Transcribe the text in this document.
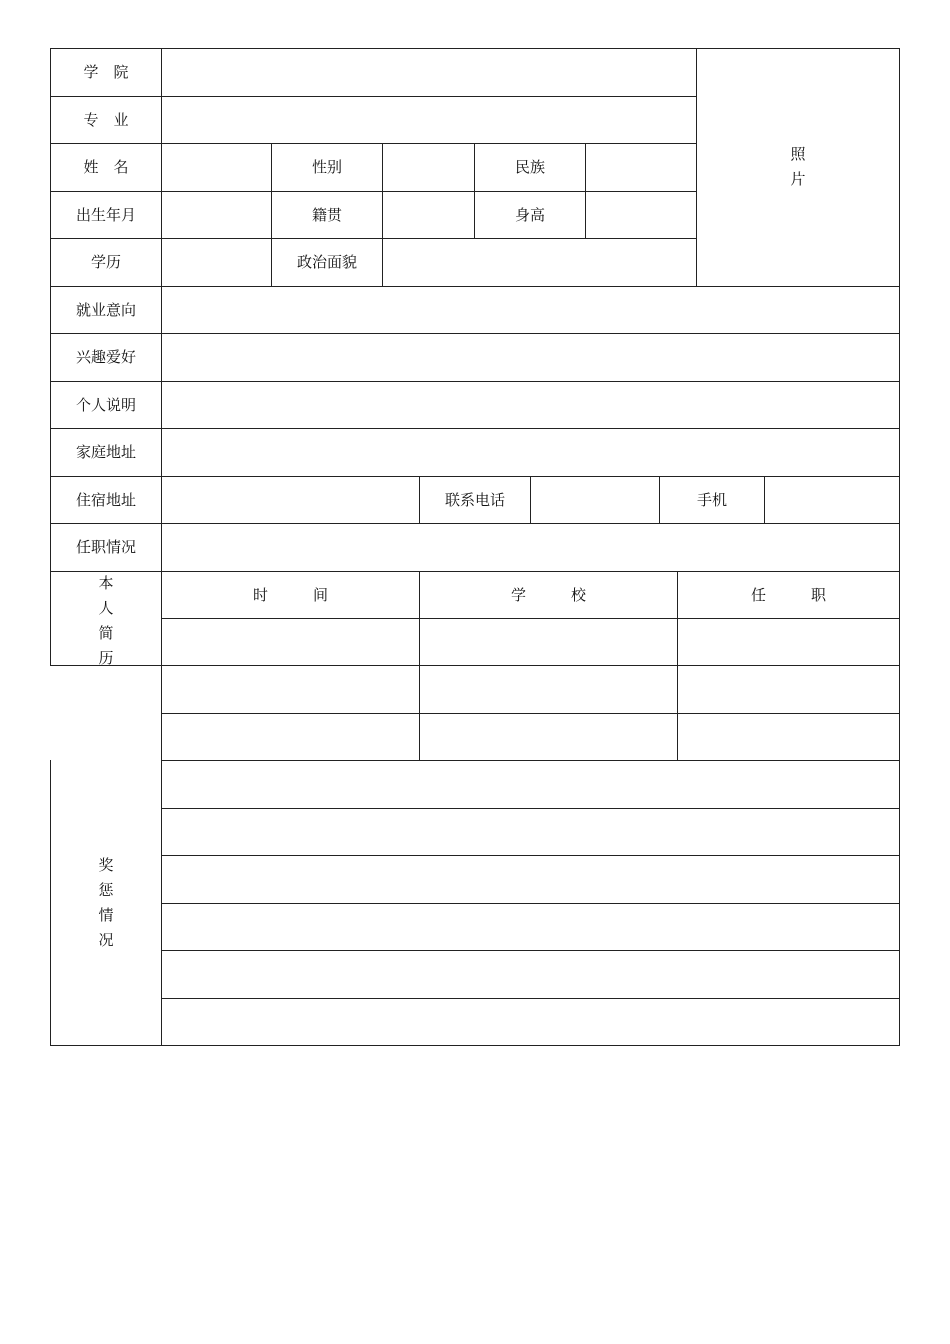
学　院
专　业
姓　名	性别	民族
出生年月	籍贯	身高
学历	政治面貌
照
片
就业意向
兴趣爱好
个人说明
家庭地址
住宿地址	联系电话	手机
任职情况
本
人
简
历
时　　　间	学　　　校	任　　　职
奖
惩
情
况
